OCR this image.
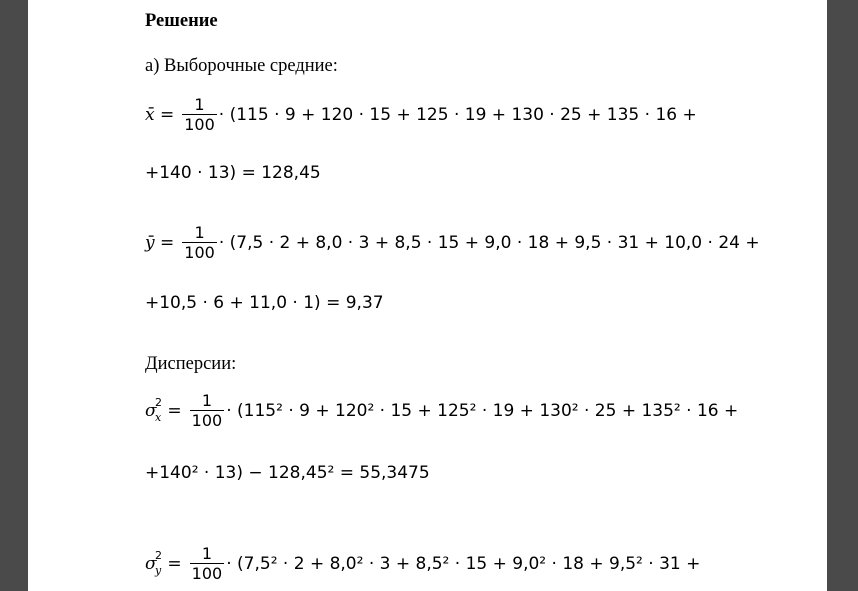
Решение
а) Выборочные средние:
x̄
= $\frac{1}{100} \cdot (115 \cdot 9 + 120 \cdot 15 + 125 \cdot 19 + 130 \cdot 25 + 135 \cdot 16$ +
+140 · 13) = 128,45
ȳ
= $\frac{1}{100} \cdot (7,5 \cdot 2 + 8,0 \cdot 3 + 8,5 \cdot 15 + 9,0 \cdot 18 + 9,5 \cdot 31 + 10,0 \cdot 24$ +
+10,5 · 6 + 11,0 · 1) = 9,37
Дисперсии:
σ
2
x
= $\frac{1}{100} \cdot (115^2 \cdot 9 + 120^2 \cdot 15 + 125^2 \cdot 19 + 130^2 \cdot 25 + 135^2 \cdot 16$ +
+140² · 13) − 128,45² = 55,3475
σ
2
y
= $\frac{1}{100} \cdot (7,5^2 \cdot 2 + 8,0^2 \cdot 3 + 8,5^2 \cdot 15 + 9,0^2 \cdot 18 + 9,5^2 \cdot 31$ +
